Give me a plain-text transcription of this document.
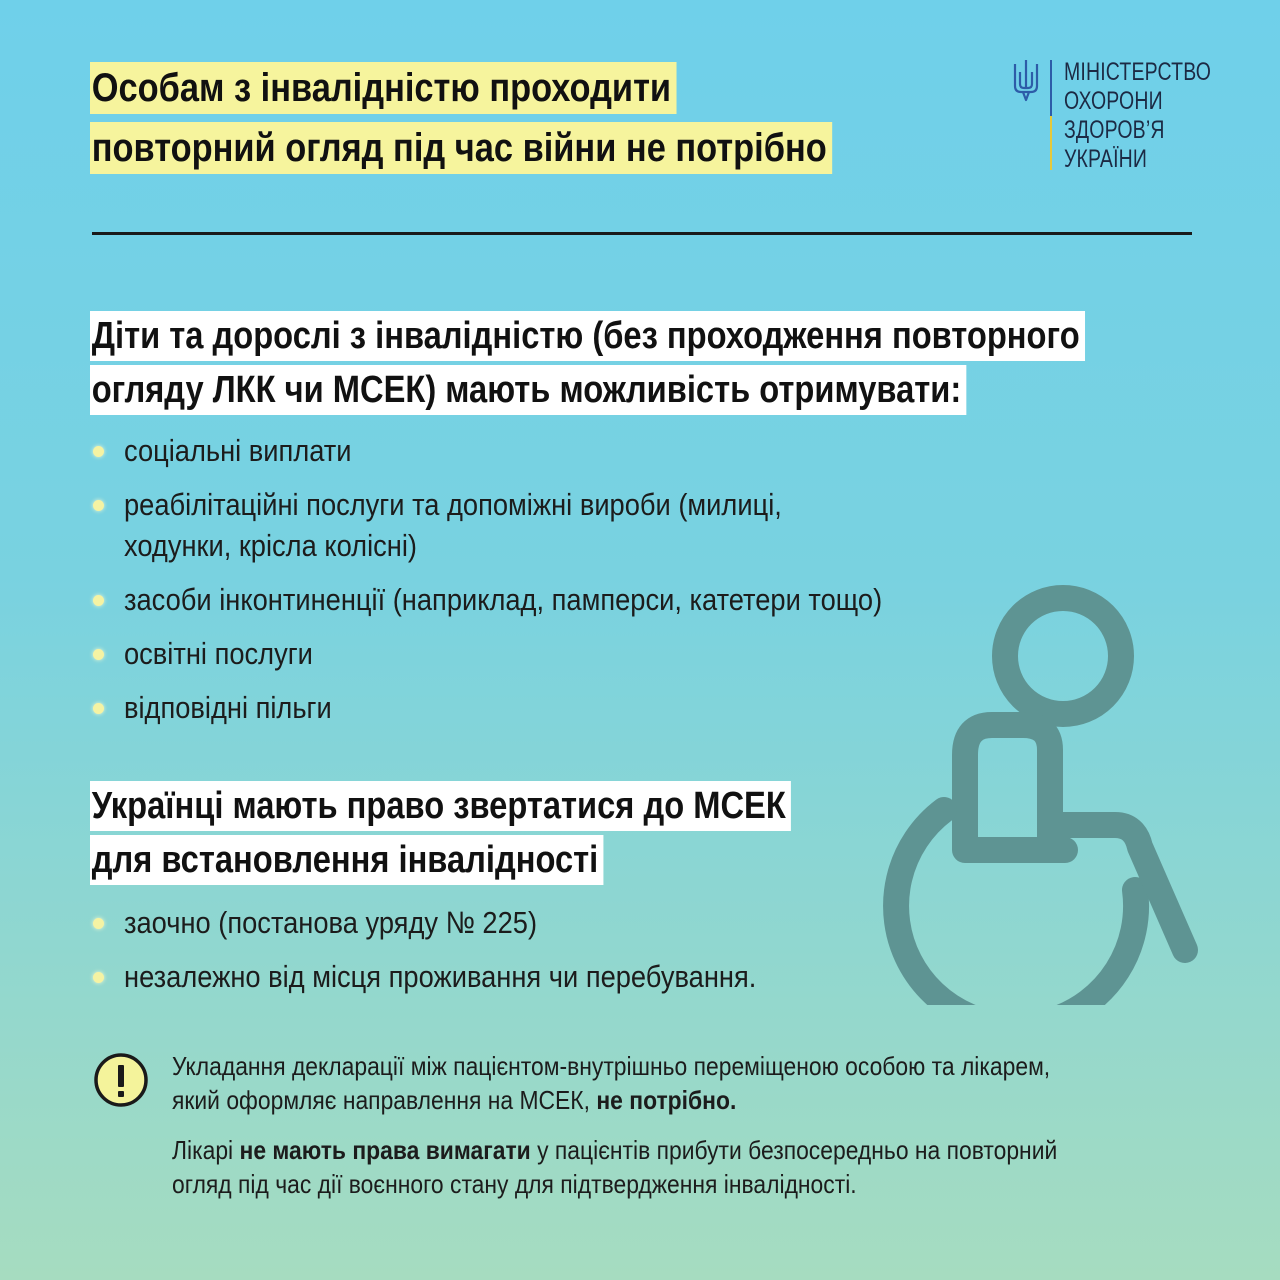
Особам з інвалідністю проходити
повторний огляд під час війни не потрібно
МІНІСТЕРСТВО
ОХОРОНИ
ЗДОРОВ’Я
УКРАЇНИ
Діти та дорослі з інвалідністю (без проходження повторного
огляду ЛКК чи МСЕК) мають можливість отримувати:
соціальні виплати
реабілітаційні послуги та допоміжні вироби (милиці,
ходунки, крісла колісні)
засоби інконтиненції (наприклад, памперси, катетери тощо)
освітні послуги
відповідні пільги
Українці мають право звертатися до МСЕК
для встановлення інвалідності
заочно (постанова уряду № 225)
незалежно від місця проживання чи перебування.
Укладання декларації між пацієнтом-внутрішньо переміщеною особою та лікарем,
який оформляє направлення на МСЕК, не потрібно.
Лікарі не мають права вимагати у пацієнтів прибути безпосередньо на повторний
огляд під час дії воєнного стану для підтвердження інвалідності.
